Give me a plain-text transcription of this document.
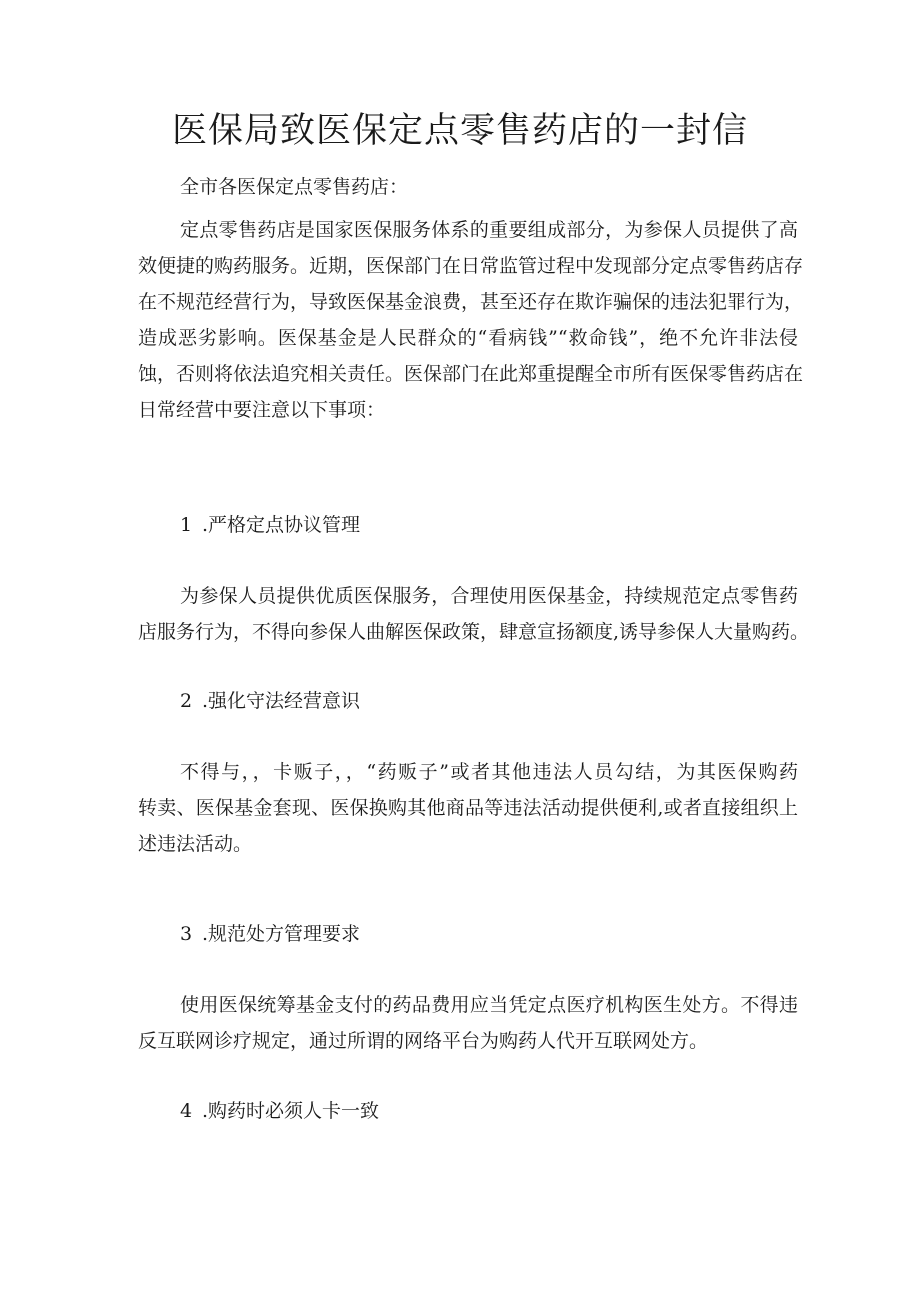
医保局致医保定点零售药店的一封信

全市各医保定点零售药店：

定点零售药店是国家医保服务体系的重要组成部分，为参保人员提供了高
效便捷的购药服务。近期，医保部门在日常监管过程中发现部分定点零售药店存
在不规范经营行为，导致医保基金浪费，甚至还存在欺诈骗保的违法犯罪行为，
造成恶劣影响。医保基金是人民群众的“看病钱”“救命钱”，绝不允许非法侵
蚀，否则将依法追究相关责任。医保部门在此郑重提醒全市所有医保零售药店在
日常经营中要注意以下事项：

1 .严格定点协议管理

为参保人员提供优质医保服务，合理使用医保基金，持续规范定点零售药
店服务行为，不得向参保人曲解医保政策，肆意宣扬额度,诱导参保人大量购药。

2 .强化守法经营意识

不得与，，卡贩子，，“药贩子”或者其他违法人员勾结，为其医保购药
转卖、医保基金套现、医保换购其他商品等违法活动提供便利,或者直接组织上
述违法活动。

3 .规范处方管理要求

使用医保统筹基金支付的药品费用应当凭定点医疗机构医生处方。不得违
反互联网诊疗规定，通过所谓的网络平台为购药人代开互联网处方。

4 .购药时必须人卡一致
